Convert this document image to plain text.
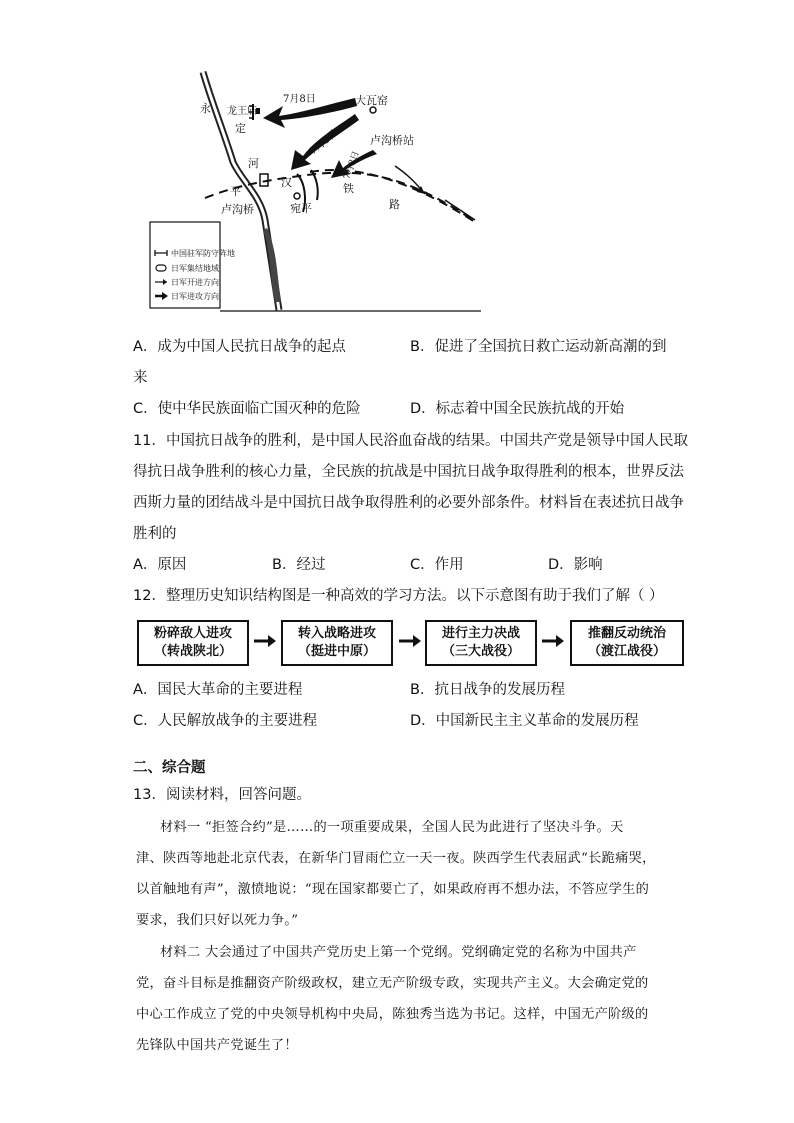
永 龙王庙
定
河
平
卢沟桥
7月8日	大瓦窑
7月8日
7月8日
卢沟桥站
汉
宛平
铁
路
中国驻军防守阵地
日军集结地域
日军开进方向
日军进攻方向
A．成为中国人民抗日战争的起点	B．促进了全国抗日救亡运动新高潮的到
来
C．使中华民族面临亡国灭种的危险	D．标志着中国全民族抗战的开始
11．中国抗日战争的胜利，是中国人民浴血奋战的结果。中国共产党是领导中国人民取
得抗日战争胜利的核心力量，全民族的抗战是中国抗日战争取得胜利的根本，世界反法
西斯力量的团结战斗是中国抗日战争取得胜利的必要外部条件。材料旨在表述抗日战争
胜利的
A．原因	B．经过	C．作用	D．影响
12．整理历史知识结构图是一种高效的学习方法。以下示意图有助于我们了解（ ）
粉碎敌人进攻
（转战陕北）
转入战略进攻
（挺进中原）
进行主力决战
（三大战役）
推翻反动统治
（渡江战役）
A．国民大革命的主要进程	B．抗日战争的发展历程
C．人民解放战争的主要进程	D．中国新民主主义革命的发展历程
二、综合题
13．阅读材料，回答问题。
材料一 “拒签合约”是……的一项重要成果，全国人民为此进行了坚决斗争。天
津、陕西等地赴北京代表，在新华门冒雨伫立一天一夜。陕西学生代表屈武“长跪痛哭，
以首触地有声”，激愤地说：“现在国家都要亡了，如果政府再不想办法，不答应学生的
要求，我们只好以死力争。”
材料二 大会通过了中国共产党历史上第一个党纲。党纲确定党的名称为中国共产
党，奋斗目标是推翻资产阶级政权，建立无产阶级专政，实现共产主义。大会确定党的
中心工作成立了党的中央领导机构中央局，陈独秀当选为书记。这样，中国无产阶级的
先锋队中国共产党诞生了！
